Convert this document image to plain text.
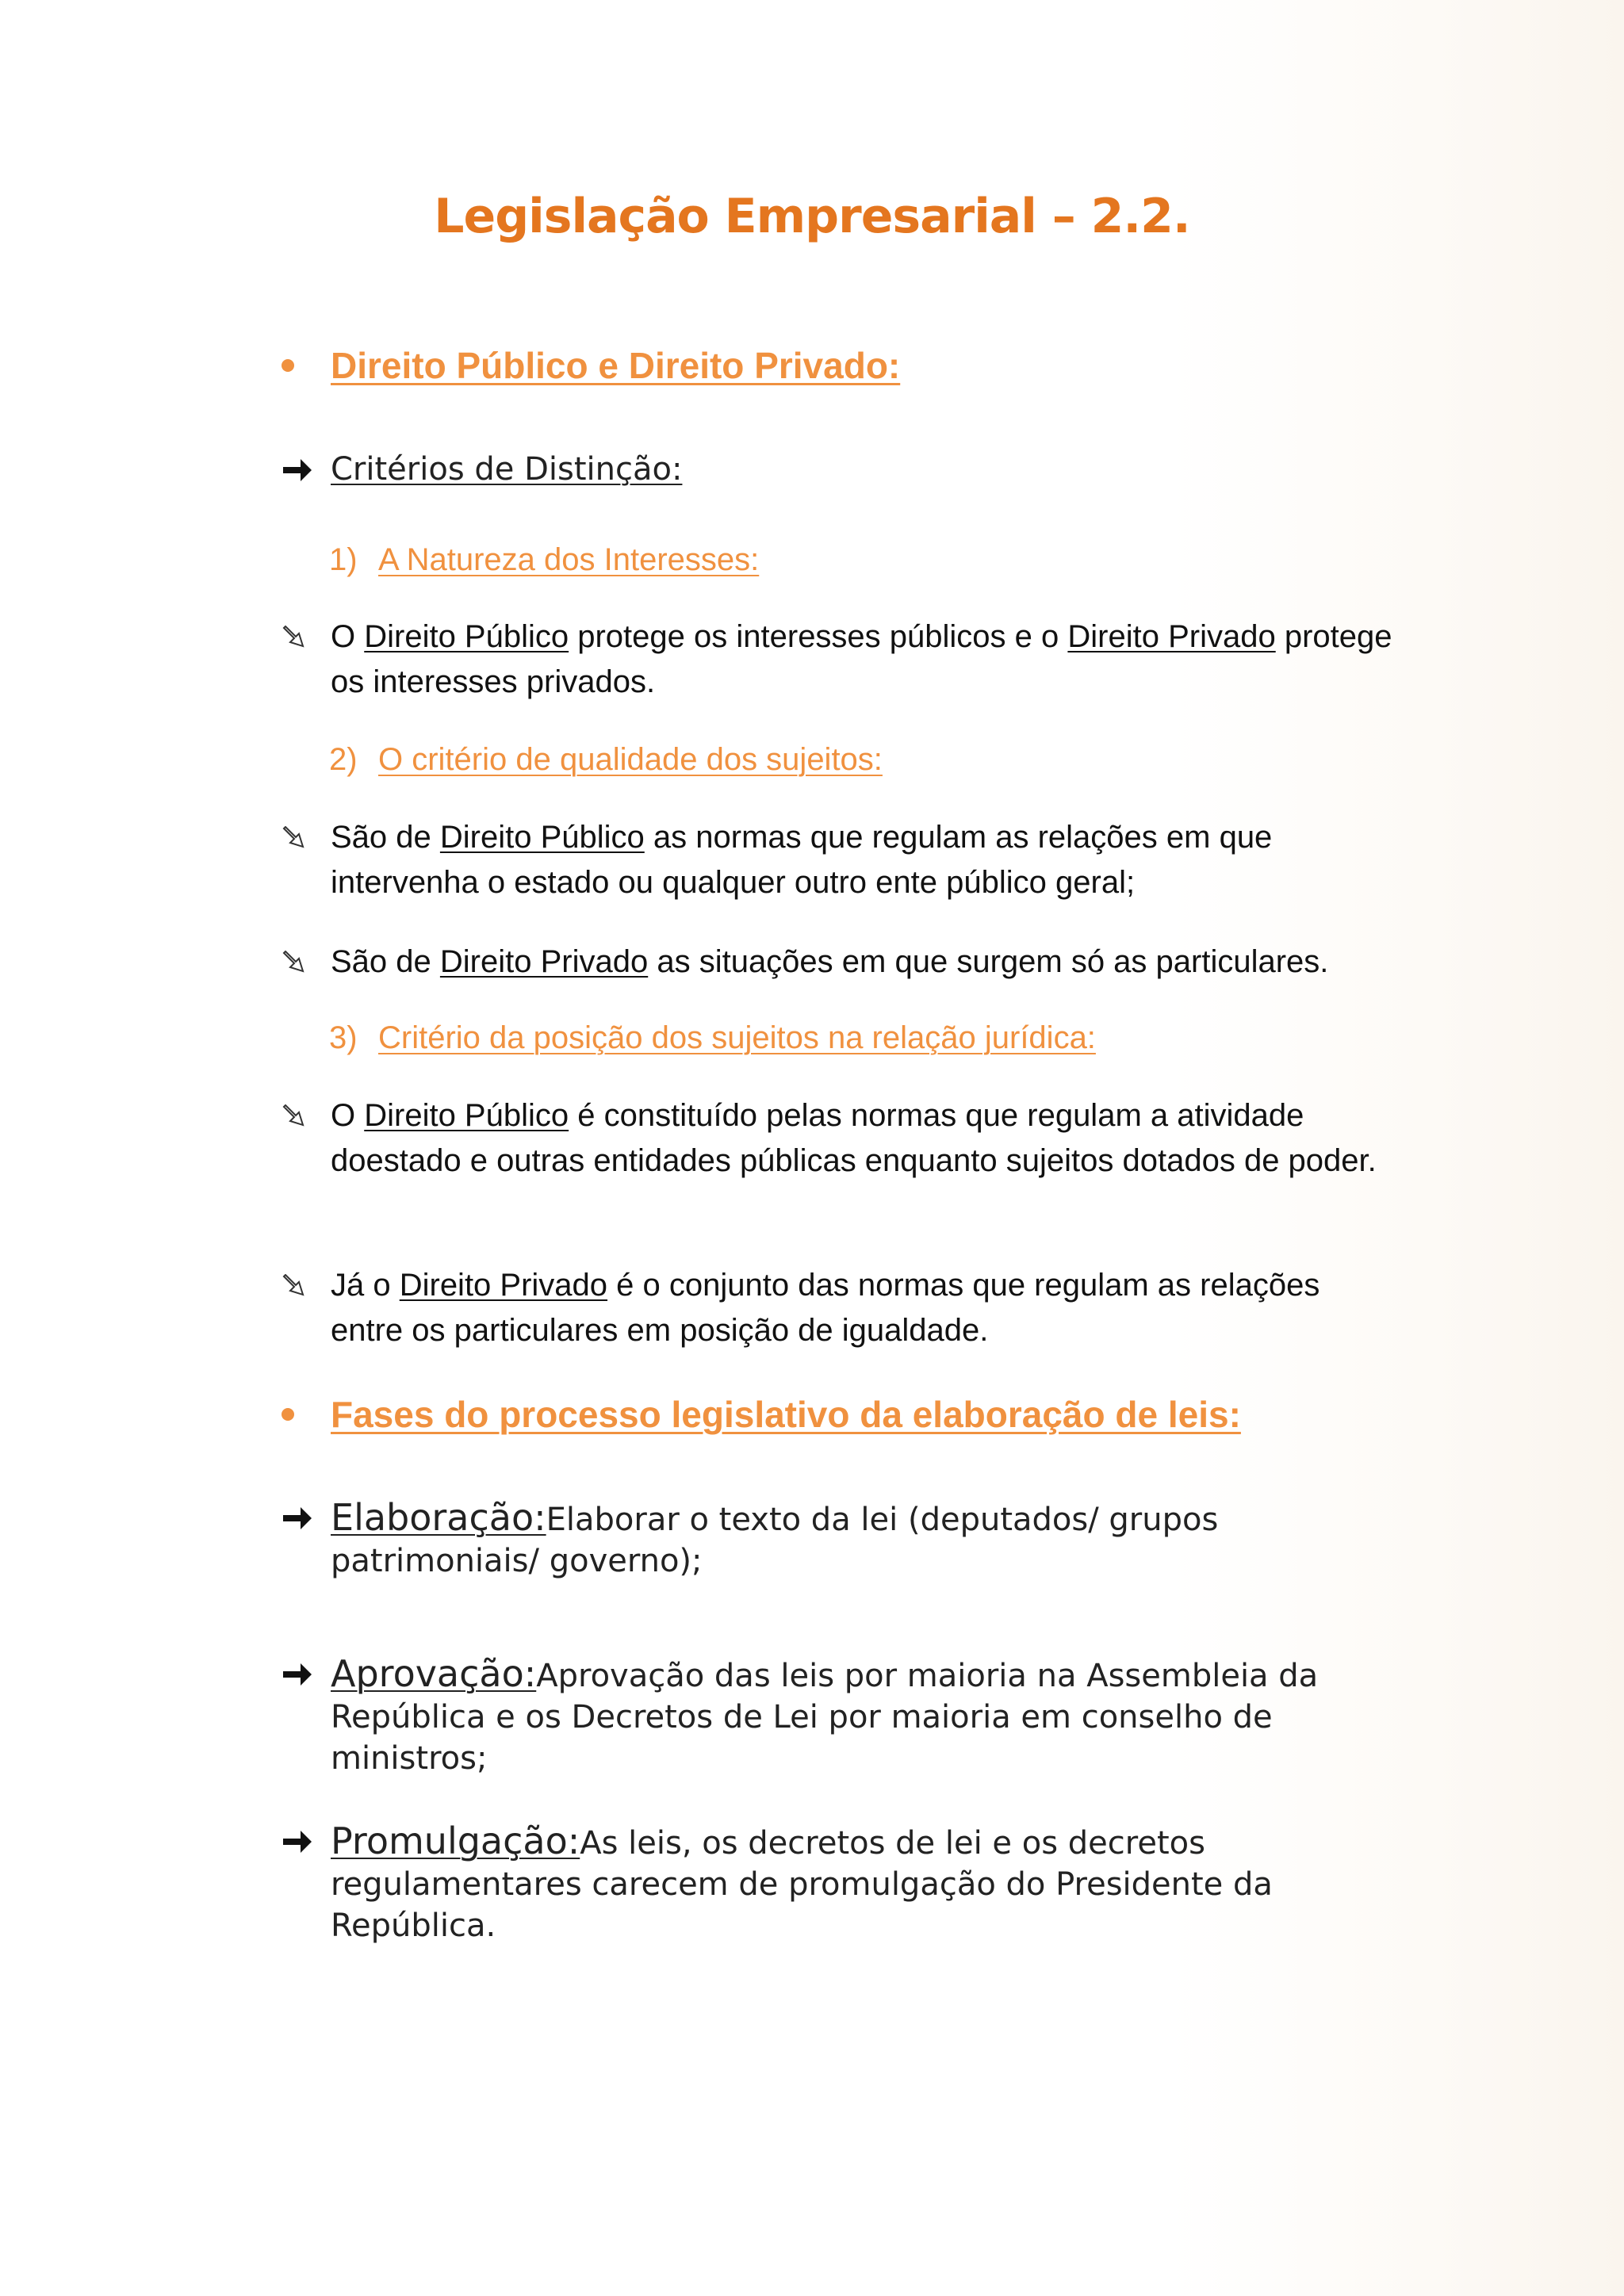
Legislação Empresarial – 2.2.
Direito Público e Direito Privado:
Critérios de Distinção:
1) A Natureza dos Interesses:
O Direito Público protege os interesses públicos e o Direito Privado protege os interesses privados.
2) O critério de qualidade dos sujeitos:
São de Direito Público as normas que regulam as relações em que intervenha o estado ou qualquer outro ente público geral;
São de Direito Privado as situações em que surgem só as particulares.
3) Critério da posição dos sujeitos na relação jurídica:
O Direito Público é constituído pelas normas que regulam a atividade doestado e outras entidades públicas enquanto sujeitos dotados de poder.
Já o Direito Privado é o conjunto das normas que regulam as relações entre os particulares em posição de igualdade.
Fases do processo legislativo da elaboração de leis:
Elaboração:Elaborar o texto da lei (deputados/ grupos patrimoniais/ governo);
Aprovação:Aprovação das leis por maioria na Assembleia da República e os Decretos de Lei por maioria em conselho de ministros;
Promulgação:As leis, os decretos de lei e os decretos regulamentares carecem de promulgação do Presidente da República.
